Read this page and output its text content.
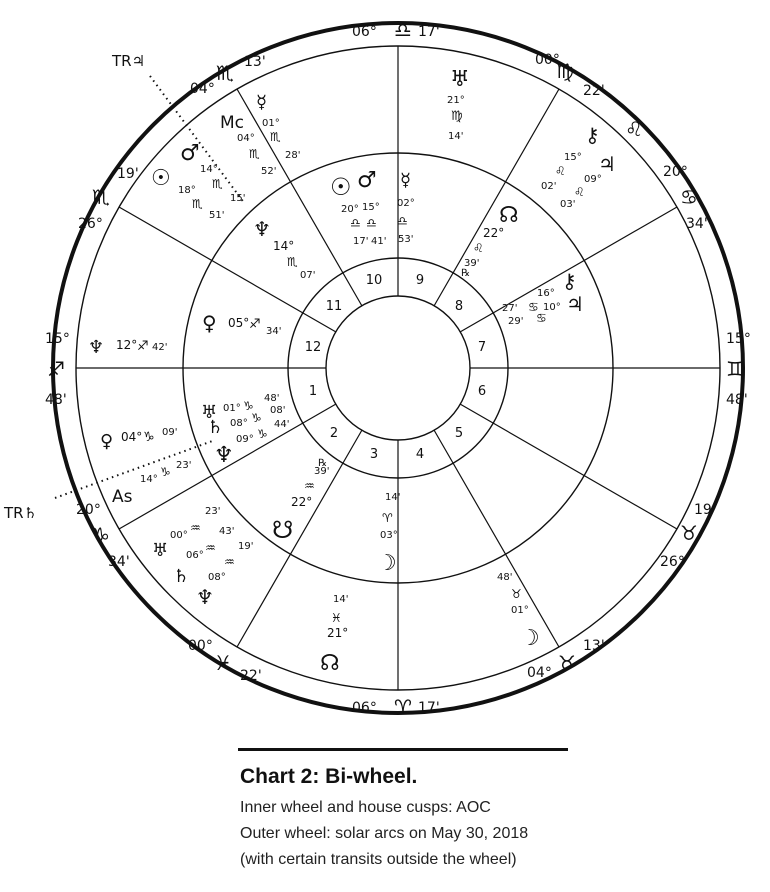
1
2
3	4
5
6
7
8
9
10
11
12
06° ♎ 17'
06° ♈ 17'
15°
♐
48'
15°
♊
48'
00°
♍
22'
♌
20°
♋
34'
19'
♉
26°
04° ♉
13'
00°
♓
22'
20°
♑
34'
19'
♏
26°
04°
♏ 13'
TR♃
TR♄
♅
21°
♍
14'	⚷
15°
♌
02'
♃
09°
♌
03'
☿
01°
♏
28'
Mc
04°
♏
52'
♂
14°
♏
15'
☉ 18°
♏
51'
♆ 12° ♐ 42'
♀ 04° ♑ 09'
As
14°
♑ 23'
♅
00°
♒
23'
♄
06°
♒
43'
♆
08°
♒
19'
☽
01°
♉
48'
☽
03°
♈
14'
☊
21°
♓
14'
☉
20°
♎
17'
♂
15°
♎
41'
☿
02°
♎
53'
☊
22°
♌
39'
℞	⚷
16°
♋
27' ♃
10°
♋
29'
♆
14°
♏
07'
♀ 05° ♐ 34'
♅ 01° ♑
48'
♄ 08° ♑
08'
♆
09° ♑
44'
☋
22°
♒
39'
℞
Chart 2: Bi-wheel.
Inner wheel and house cusps: AOC
Outer wheel: solar arcs on May 30, 2018
(with certain transits outside the wheel)
